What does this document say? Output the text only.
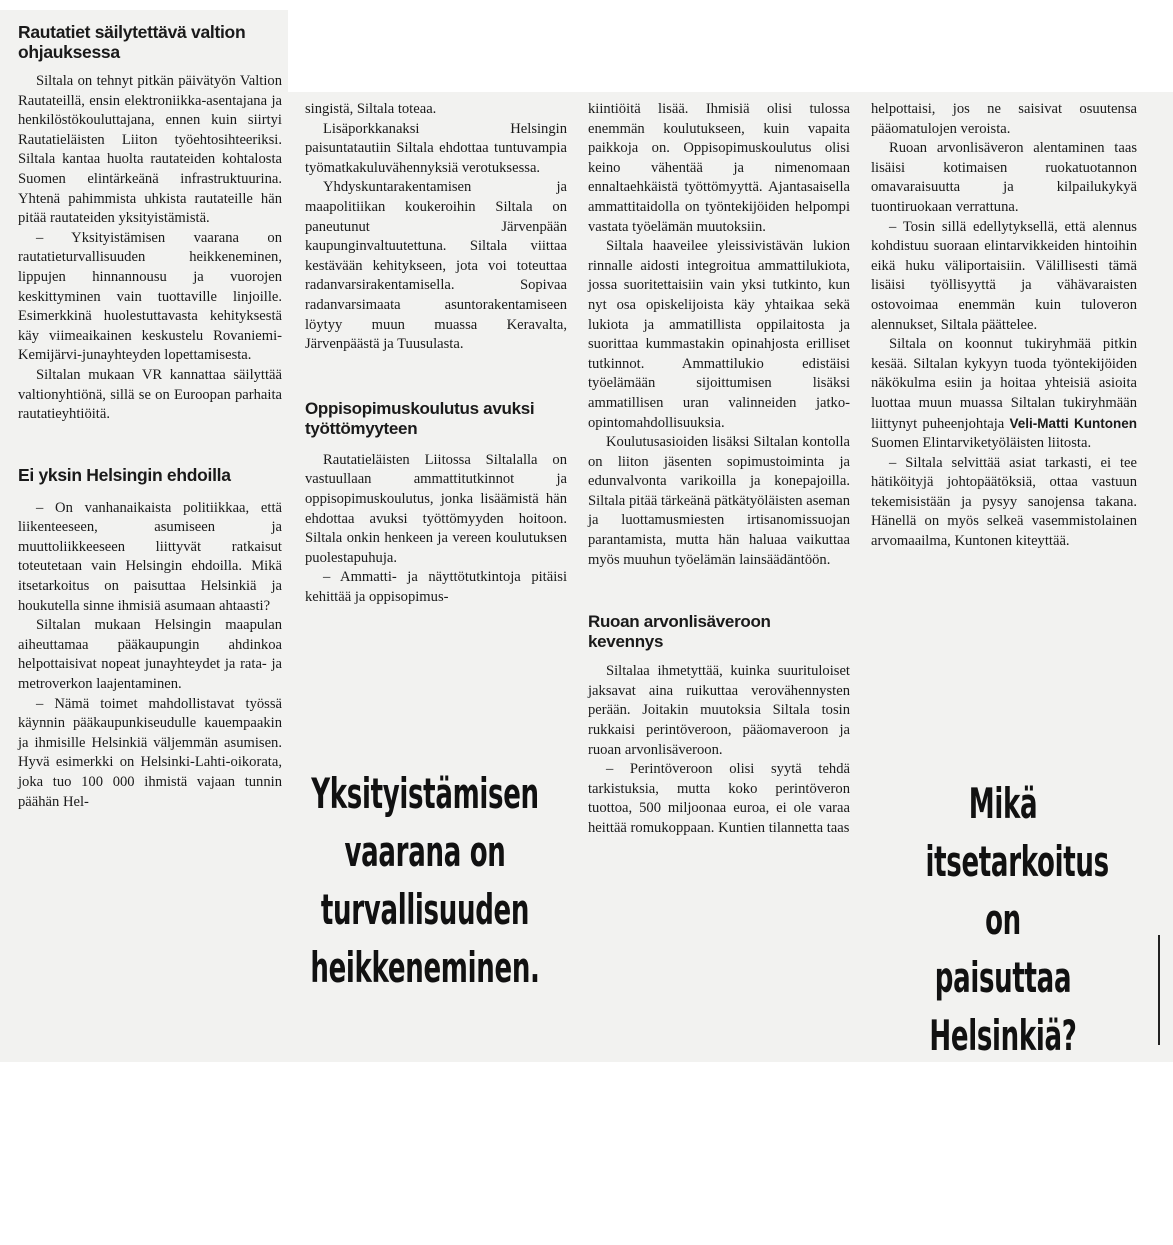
Rautatiet säilytettävä valtion ohjauksessa

Siltala on tehnyt pitkän päivätyön Valtion Rautateillä, ensin elektroniikka-asentajana ja henkilöstökouluttajana, ennen kuin siirtyi Rautatieläisten Liiton työehtosihteeriksi. Siltala kantaa huolta rautateiden kohtalosta Suomen elintärkeänä infrastruktuurina. Yhtenä pahimmista uhkista rautateille hän pitää rautateiden yksityistämistä.

– Yksityistämisen vaarana on rautatieturvallisuuden heikkeneminen, lippujen hinnannousu ja vuorojen keskittyminen vain tuottaville linjoille. Esimerkkinä huolestuttavasta kehityksestä käy viimeaikainen keskustelu Rovaniemi-Kemijärvi-junayhteyden lopettamisesta.

Siltalan mukaan VR kannattaa säilyttää valtionyhtiönä, sillä se on Euroopan parhaita rautatieyhtiöitä.

Ei yksin Helsingin ehdoilla

– On vanhanaikaista politiikkaa, että liikenteeseen, asumiseen ja muuttoliikkeeseen liittyvät ratkaisut toteutetaan vain Helsingin ehdoilla. Mikä itsetarkoitus on paisuttaa Helsinkiä ja houkutella sinne ihmisiä asumaan ahtaasti?

Siltalan mukaan Helsingin maapulan aiheuttamaa pääkaupungin ahdinkoa helpottaisivat nopeat junayhteydet ja rata- ja metroverkon laajentaminen.

– Nämä toimet mahdollistavat työssä käynnin pääkaupunkiseudulle kauempaakin ja ihmisille Helsinkiä väljemmän asumisen. Hyvä esimerkki on Helsinki-Lahti-oikorata, joka tuo 100 000 ihmistä vajaan tunnin päähän Hel-

singistä, Siltala toteaa.

Lisäporkkanaksi Helsingin paisuntatautiin Siltala ehdottaa tuntuvampia työmatkakuluvähennyksiä verotuksessa.

Yhdyskuntarakentamisen ja maapolitiikan koukeroihin Siltala on paneutunut Järvenpään kaupunginvaltuutettuna. Siltala viittaa kestävään kehitykseen, jota voi toteuttaa radanvarsirakentamisella. Sopivaa radanvarsimaata asuntorakentamiseen löytyy muun muassa Keravalta, Järvenpäästä ja Tuusulasta.

Oppisopimuskoulutus avuksi työttömyyteen

Rautatieläisten Liitossa Siltalalla on vastuullaan ammattitutkinnot ja oppisopimuskoulutus, jonka lisäämistä hän ehdottaa avuksi työttömyyden hoitoon. Siltala onkin henkeen ja vereen koulutuksen puolestapuhuja.

– Ammatti- ja näyttötutkintoja pitäisi kehittää ja oppisopimus-

Yksityistämisen vaarana on turvallisuuden heikkeneminen.

kiintiöitä lisää. Ihmisiä olisi tulossa enemmän koulutukseen, kuin vapaita paikkoja on. Oppisopimuskoulutus olisi keino vähentää ja nimenomaan ennaltaehkäistä työttömyyttä. Ajantasaisella ammattitaidolla on työntekijöiden helpompi vastata työelämän muutoksiin.

Siltala haaveilee yleissivistävän lukion rinnalle aidosti integroitua ammattilukiota, jossa suoritettaisiin vain yksi tutkinto, kun nyt osa opiskelijoista käy yhtaikaa sekä lukiota ja ammatillista oppilaitosta ja suorittaa kummastakin opinahjosta erilliset tutkinnot. Ammattilukio edistäisi työelämään sijoittumisen lisäksi ammatillisen uran valinneiden jatko-opintomahdollisuuksia.

Koulutusasioiden lisäksi Siltalan kontolla on liiton jäsenten sopimustoiminta ja edunvalvonta varikoilla ja konepajoilla. Siltala pitää tärkeänä pätkätyöläisten aseman ja luottamusmiesten irtisanomissuojan parantamista, mutta hän haluaa vaikuttaa myös muuhun työelämän lainsäädäntöön.

Ruoan arvonlisäveroon kevennys

Siltalaa ihmetyttää, kuinka suurituloiset jaksavat aina ruikuttaa verovähennysten perään. Joitakin muutoksia Siltala tosin rukkaisi perintöveroon, pääomaveroon ja ruoan arvonlisäveroon.

– Perintöveroon olisi syytä tehdä tarkistuksia, mutta koko perintöveron tuottoa, 500 miljoonaa euroa, ei ole varaa heittää romukoppaan. Kuntien tilannetta taas

helpottaisi, jos ne saisivat osuutensa pääomatulojen veroista.

Ruoan arvonlisäveron alentaminen taas lisäisi kotimaisen ruokatuotannon omavaraisuutta ja kilpailukykyä tuontiruokaan verrattuna.

– Tosin sillä edellytyksellä, että alennus kohdistuu suoraan elintarvikkeiden hintoihin eikä huku väliportaisiin. Välillisesti tämä lisäisi työllisyyttä ja vähävaraisten ostovoimaa enemmän kuin tuloveron alennukset, Siltala päättelee.

Siltala on koonnut tukiryhmää pitkin kesää. Siltalan kykyyn tuoda työntekijöiden näkökulma esiin ja hoitaa yhteisiä asioita luottaa muun muassa Siltalan tukiryhmään liittynyt puheenjohtaja Veli-Matti Kuntonen Suomen Elintarviketyöläisten liitosta.

– Siltala selvittää asiat tarkasti, ei tee hätiköityjä johtopäätöksiä, ottaa vastuun tekemisistään ja pysyy sanojensa takana. Hänellä on myös selkeä vasemmistolainen arvomaailma, Kuntonen kiteyttää.

Mikä itsetarkoitus on paisuttaa Helsinkiä?
